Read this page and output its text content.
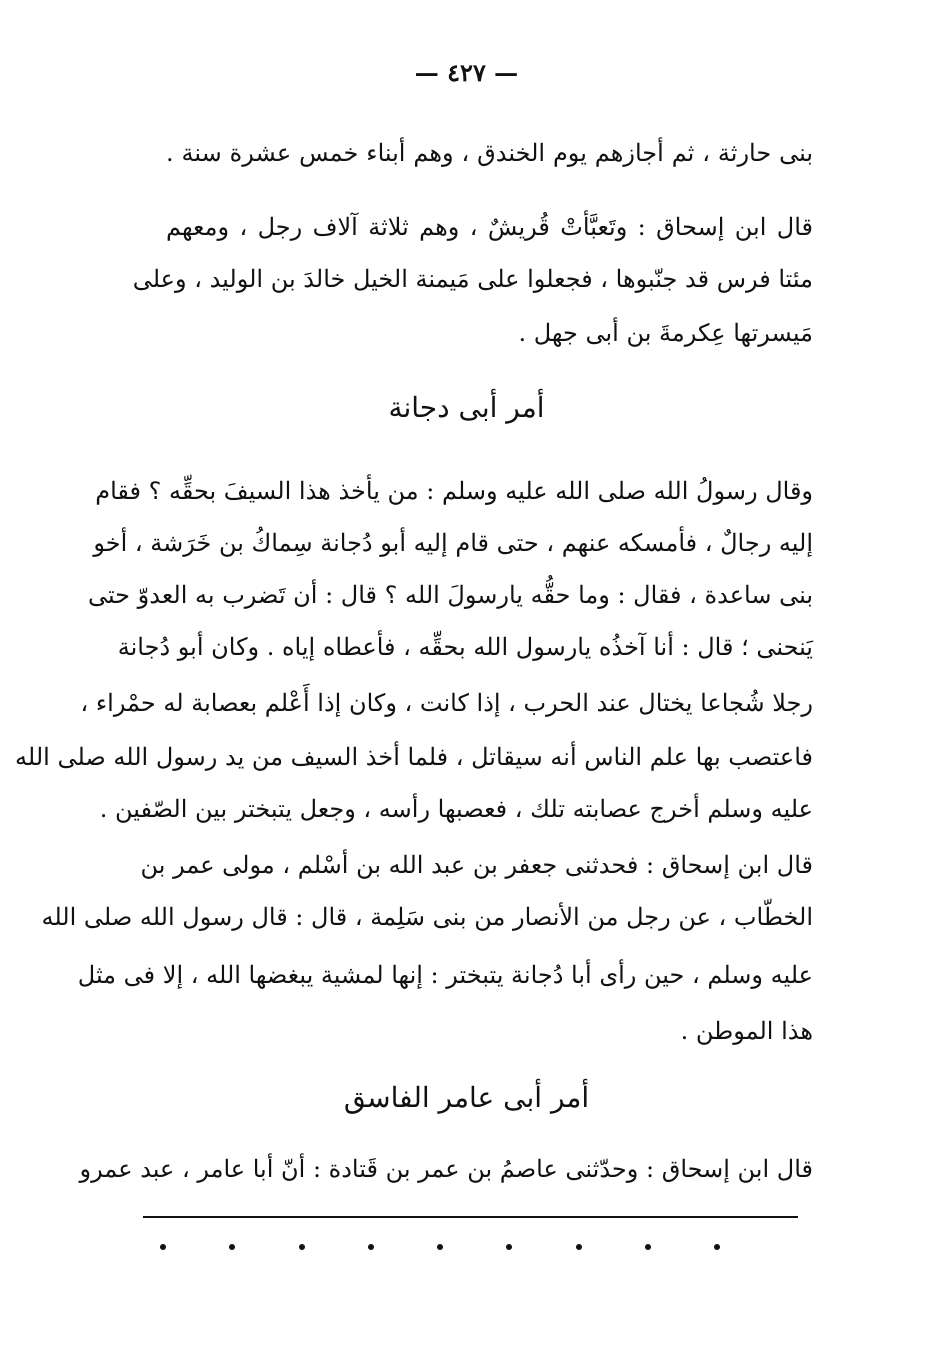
— ٤٢٧ —
بنى حارثة ، ثم أجازهم يوم الخندق ، وهم أبناء خمس عشرة سنة .
قال ابن إسحاق : وتَعبَّأتْ قُريشٌ ، وهم ثلاثة آلاف رجل ، ومعهم
مئتا فرس قد جنّبوها ، فجعلوا على مَيمنة الخيل خالدَ بن الوليد ، وعلى
مَيسرتها عِكرمةَ بن أبى جهل .
أمر أبى دجانة
وقال رسولُ الله صلى الله عليه وسلم : من يأخذ هذا السيفَ بحقِّه ؟ فقام
إليه رجالٌ ، فأمسكه عنهم ، حتى قام إليه أبو دُجانة سِماكُ بن خَرَشة ، أخو
بنى ساعدة ، فقال : وما حقُّه يارسولَ الله ؟ قال : أن تَضرب به العدوّ حتى
يَنحنى ؛ قال : أنا آخذُه يارسول الله بحقِّه ، فأعطاه إياه . وكان أبو دُجانة
رجلا شُجاعا يختال عند الحرب ، إذا كانت ، وكان إذا أَعْلم بعصابة له حمْراء ،
فاعتصب بها علم الناس أنه سيقاتل ، فلما أخذ السيف من يد رسول الله صلى الله
عليه وسلم أخرج عصابته تلك ، فعصبها رأسه ، وجعل يتبختر بين الصّفين .
قال ابن إسحاق : فحدثنى جعفر بن عبد الله بن أسْلم ، مولى عمر بن
الخطّاب ، عن رجل من الأنصار من بنى سَلِمة ، قال : قال رسول الله صلى الله
عليه وسلم ، حين رأى أبا دُجانة يتبختر : إنها لمشية يبغضها الله ، إلا فى مثل
هذا الموطن .
أمر أبى عامر الفاسق
قال ابن إسحاق : وحدّثنى عاصمُ بن عمر بن قَتادة : أنّ أبا عامر ، عبد عمرو
